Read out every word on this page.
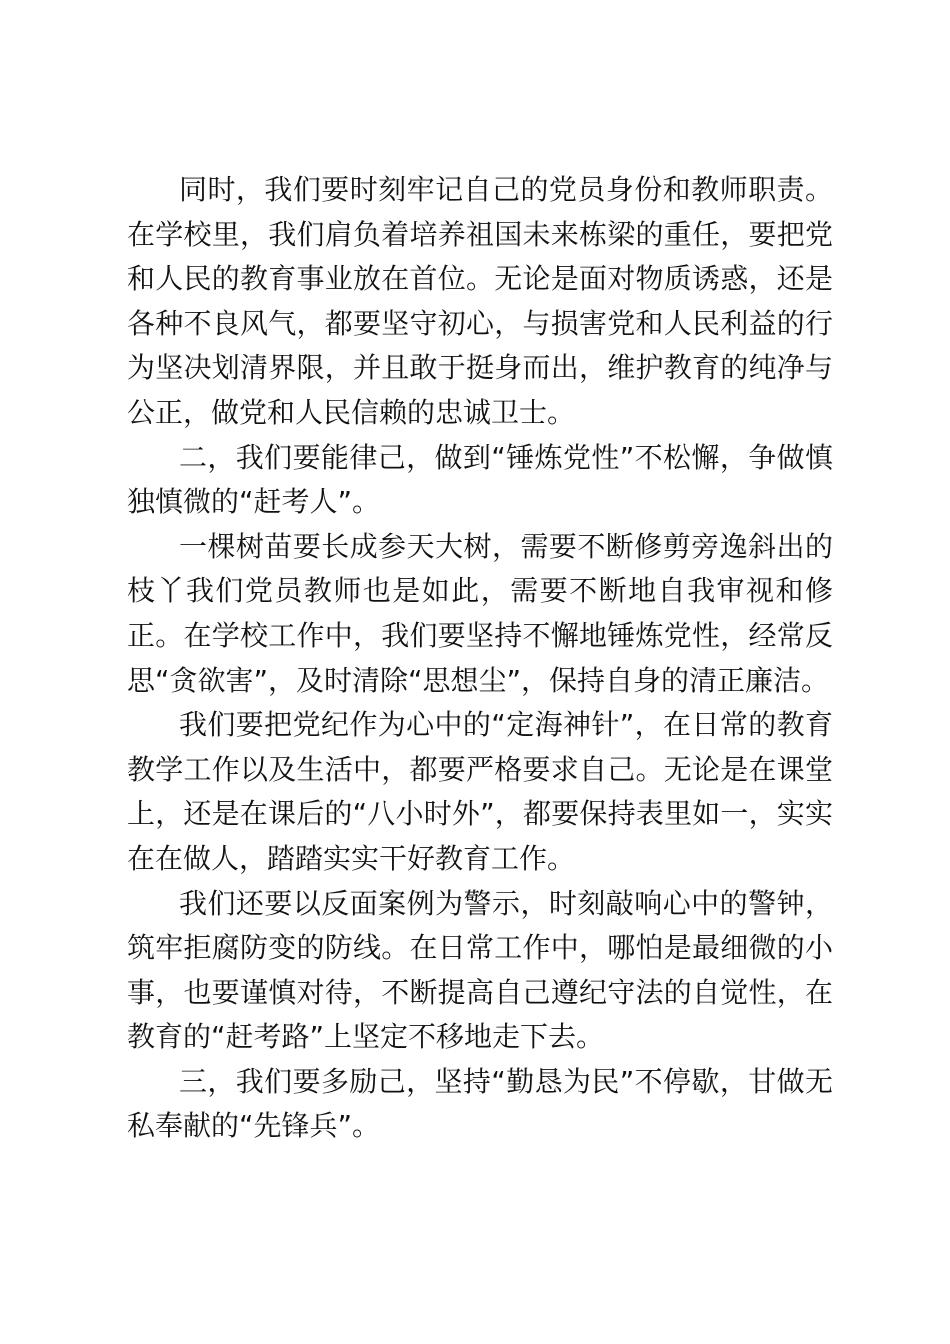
同时，我们要时刻牢记自己的党员身份和教师职责。在学校里，我们肩负着培养祖国未来栋梁的重任，要把党和人民的教育事业放在首位。无论是面对物质诱惑，还是各种不良风气，都要坚守初心，与损害党和人民利益的行为坚决划清界限，并且敢于挺身而出，维护教育的纯净与公正，做党和人民信赖的忠诚卫士。

二，我们要能律己，做到“锤炼党性”不松懈，争做慎独慎微的“赶考人”。

一棵树苗要长成参天大树，需要不断修剪旁逸斜出的枝丫我们党员教师也是如此，需要不断地自我审视和修正。在学校工作中，我们要坚持不懈地锤炼党性，经常反思“贪欲害”，及时清除“思想尘”，保持自身的清正廉洁。

我们要把党纪作为心中的“定海神针”，在日常的教育教学工作以及生活中，都要严格要求自己。无论是在课堂上，还是在课后的“八小时外”，都要保持表里如一，实实在在做人，踏踏实实干好教育工作。

我们还要以反面案例为警示，时刻敲响心中的警钟，筑牢拒腐防变的防线。在日常工作中，哪怕是最细微的小事，也要谨慎对待，不断提高自己遵纪守法的自觉性，在教育的“赶考路”上坚定不移地走下去。

三，我们要多励己，坚持“勤恳为民”不停歇，甘做无私奉献的“先锋兵”。
